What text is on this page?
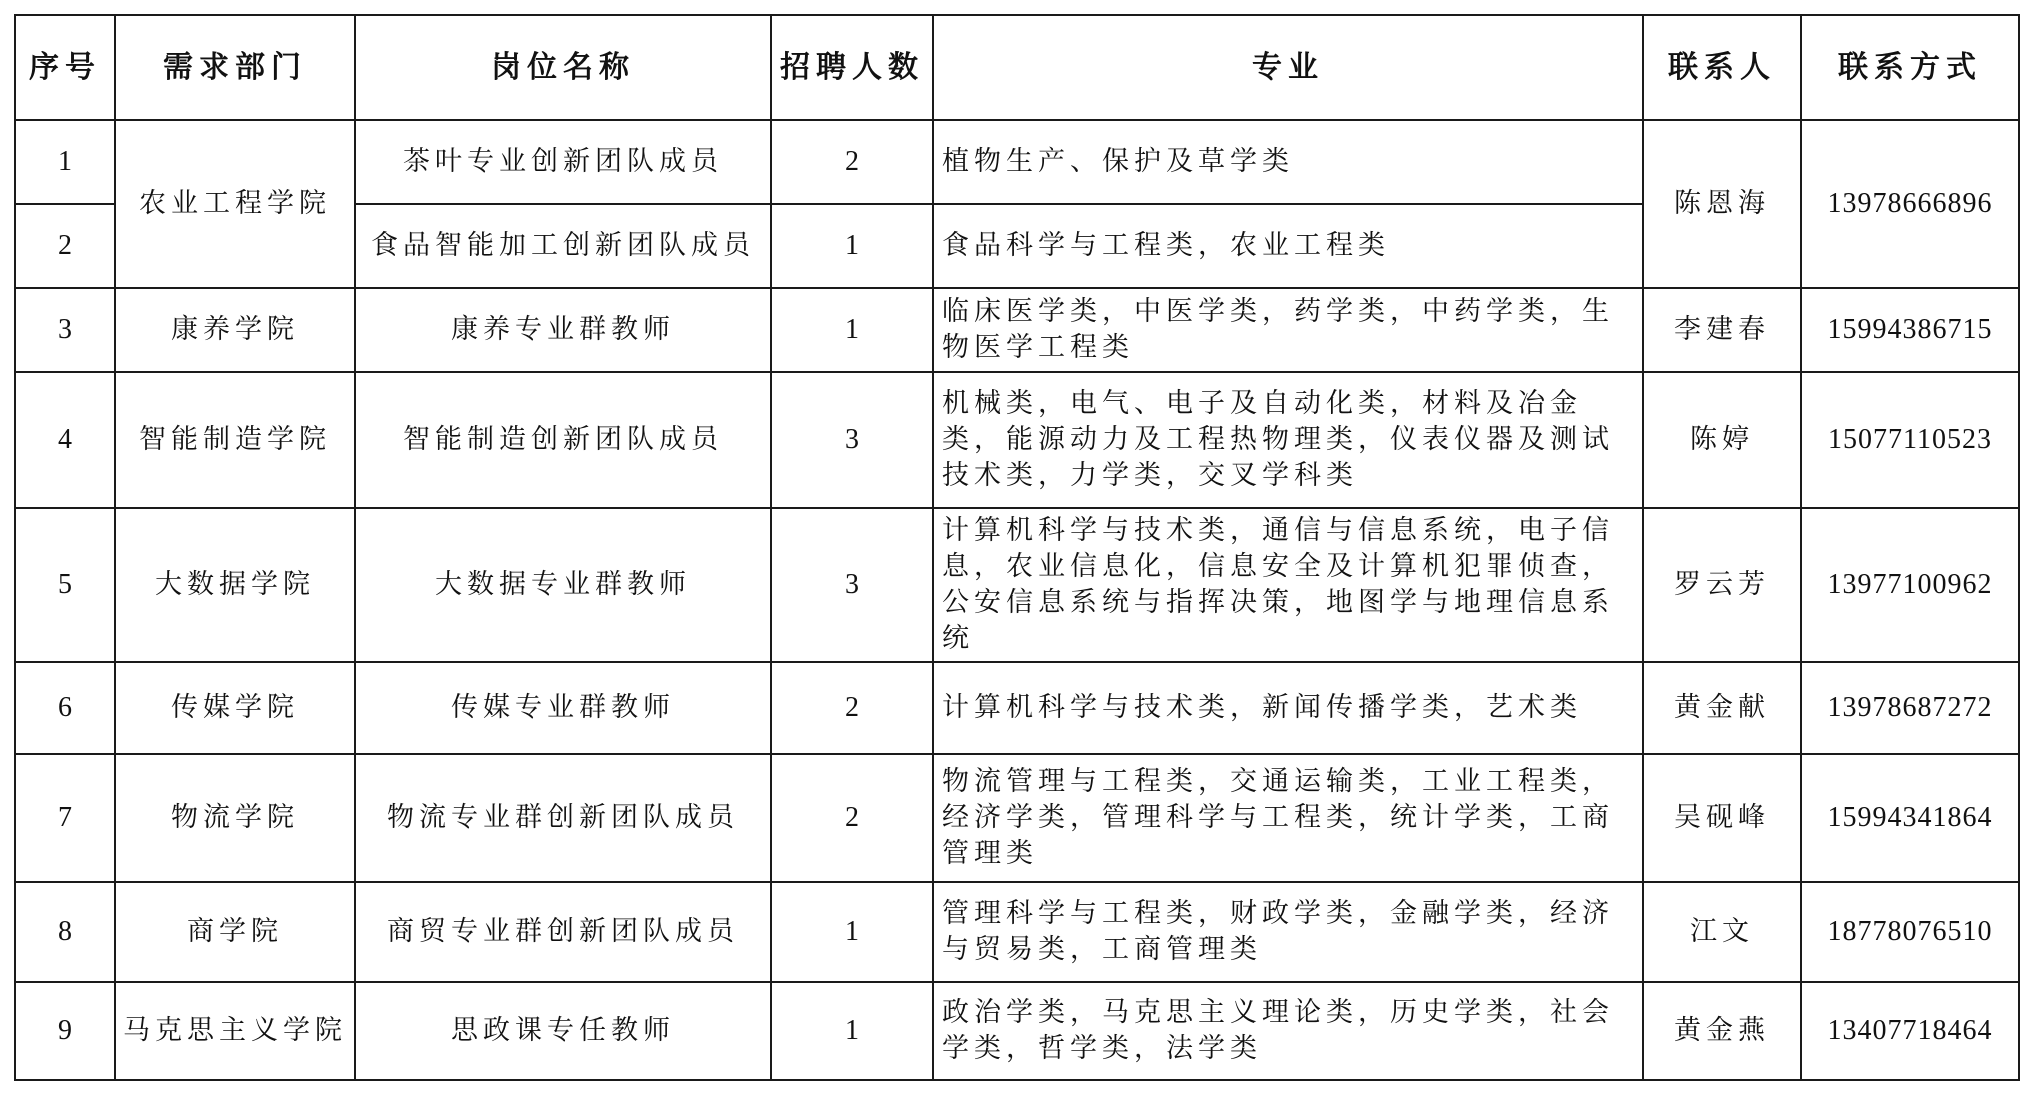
序号	需求部门	岗位名称	招聘人数	专业	联系人	联系方式
1	农业工程学院	茶叶专业创新团队成员	2	植物生产、保护及草学类	陈恩海	13978666896
2		食品智能加工创新团队成员	1	食品科学与工程类，农业工程类		
3	康养学院	康养专业群教师	1	临床医学类，中医学类，药学类，中药学类，生物医学工程类	李建春	15994386715
4	智能制造学院	智能制造创新团队成员	3	机械类，电气、电子及自动化类，材料及冶金类，能源动力及工程热物理类，仪表仪器及测试技术类，力学类，交叉学科类	陈婷	15077110523
5	大数据学院	大数据专业群教师	3	计算机科学与技术类，通信与信息系统，电子信息，农业信息化，信息安全及计算机犯罪侦查，公安信息系统与指挥决策，地图学与地理信息系统	罗云芳	13977100962
6	传媒学院	传媒专业群教师	2	计算机科学与技术类，新闻传播学类，艺术类	黄金献	13978687272
7	物流学院	物流专业群创新团队成员	2	物流管理与工程类，交通运输类，工业工程类，经济学类，管理科学与工程类，统计学类，工商管理类	吴砚峰	15994341864
8	商学院	商贸专业群创新团队成员	1	管理科学与工程类，财政学类，金融学类，经济与贸易类，工商管理类	江文	18778076510
9	马克思主义学院	思政课专任教师	1	政治学类，马克思主义理论类，历史学类，社会学类，哲学类，法学类	黄金燕	13407718464
